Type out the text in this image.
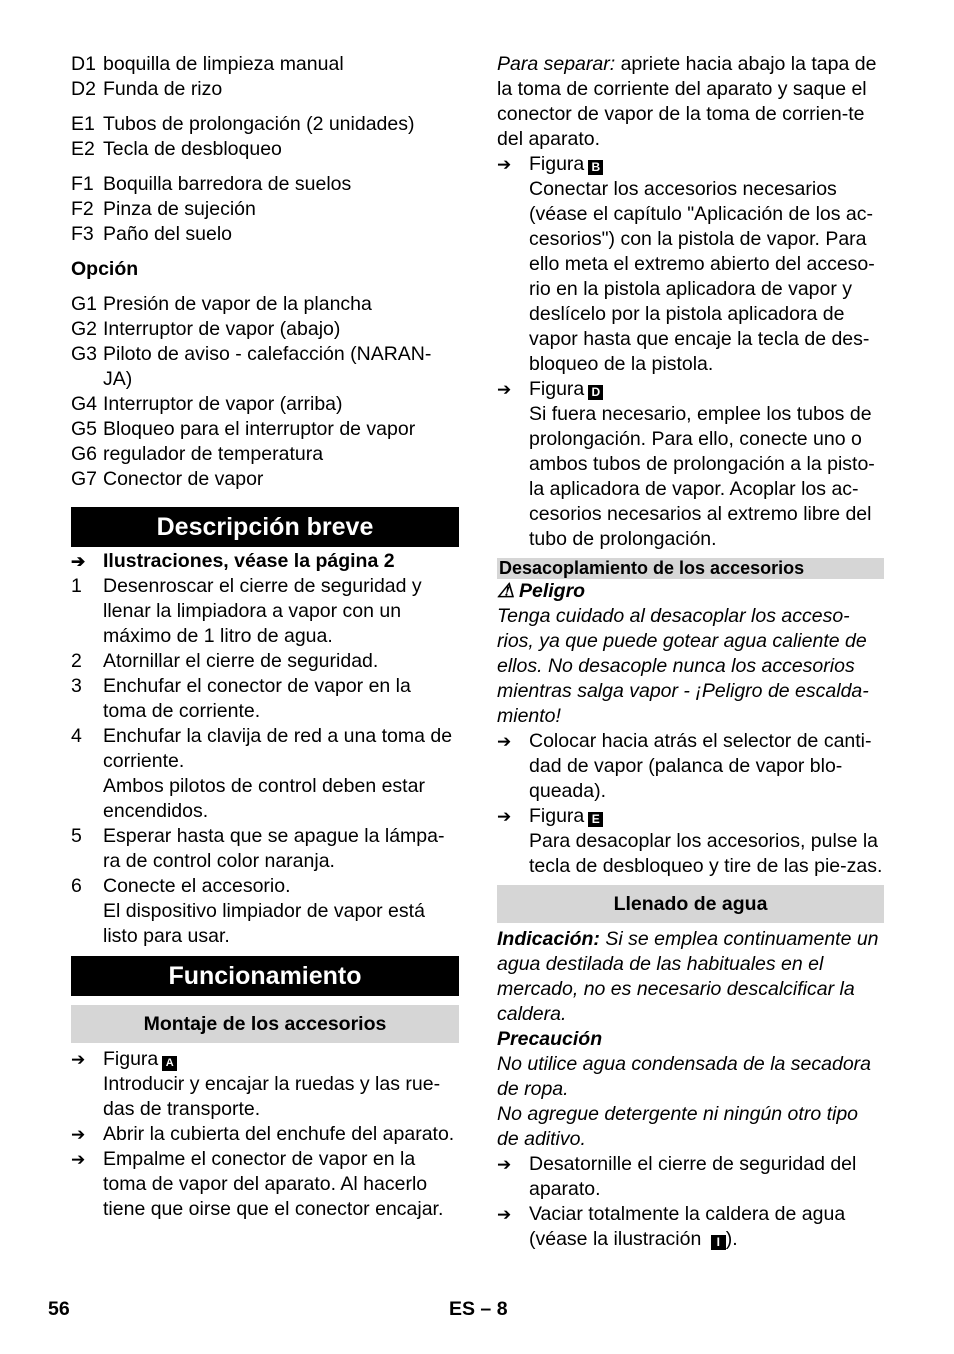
D1 boquilla de limpieza manual
D2 Funda de rizo
E1 Tubos de prolongación (2 unidades)
E2 Tecla de desbloqueo
F1 Boquilla barredora de suelos
F2 Pinza de sujeción
F3 Paño del suelo
Opción
G1 Presión de vapor de la plancha
G2 Interruptor de vapor (abajo)
G3 Piloto de aviso - calefacción (NARAN-JA)
G4 Interruptor de vapor (arriba)
G5 Bloqueo para el interruptor de vapor
G6 regulador de temperatura
G7 Conector de vapor
Descripción breve
➔ Ilustraciones, véase la página 2
1	Desenroscar el cierre de seguridad y llenar la limpiadora a vapor con un máximo de 1 litro de agua.
2	Atornillar el cierre de seguridad.
3	Enchufar el conector de vapor en la toma de corriente.
4	Enchufar la clavija de red a una toma de corriente.
Ambos pilotos de control deben estar encendidos.
5	Esperar hasta que se apague la lámpa-ra de control color naranja.
6	Conecte el accesorio.
El dispositivo limpiador de vapor está listo para usar.
Funcionamiento
Montaje de los accesorios
➔ Figura A
Introducir y encajar la ruedas y las rue-das de transporte.
➔ Abrir la cubierta del enchufe del aparato.
➔ Empalme el conector de vapor en la toma de vapor del aparato. Al hacerlo tiene que oirse que el conector encajar.
Para separar: apriete hacia abajo la tapa de la toma de corriente del aparato y saque el conector de vapor de la toma de corrien-te del aparato.
➔ Figura B
Conectar los accesorios necesarios (véase el capítulo "Aplicación de los ac-cesorios") con la pistola de vapor. Para ello meta el extremo abierto del acceso-rio en la pistola aplicadora de vapor y deslícelo por la pistola aplicadora de vapor hasta que encaje la tecla de des-bloqueo de la pistola.
➔ Figura D
Si fuera necesario, emplee los tubos de prolongación. Para ello, conecte uno o ambos tubos de prolongación a la pisto-la aplicadora de vapor. Acoplar los ac-cesorios necesarios al extremo libre del tubo de prolongación.
Desacoplamiento de los accesorios
⚠ Peligro
Tenga cuidado al desacoplar los acceso-rios, ya que puede gotear agua caliente de ellos. No desacople nunca los accesorios mientras salga vapor - ¡Peligro de escalda-miento!
➔ Colocar hacia atrás el selector de canti-dad de vapor (palanca de vapor blo-queada).
➔ Figura E
Para desacoplar los accesorios, pulse la tecla de desbloqueo y tire de las pie-zas.
Llenado de agua
Indicación: Si se emplea continuamente un agua destilada de las habituales en el mercado, no es necesario descalcificar la caldera.
Precaución
No utilice agua condensada de la secadora de ropa.
No agregue detergente ni ningún otro tipo de aditivo.
➔ Desatornille el cierre de seguridad del aparato.
➔ Vaciar totalmente la caldera de agua (véase la ilustración I ).
56	ES – 8
